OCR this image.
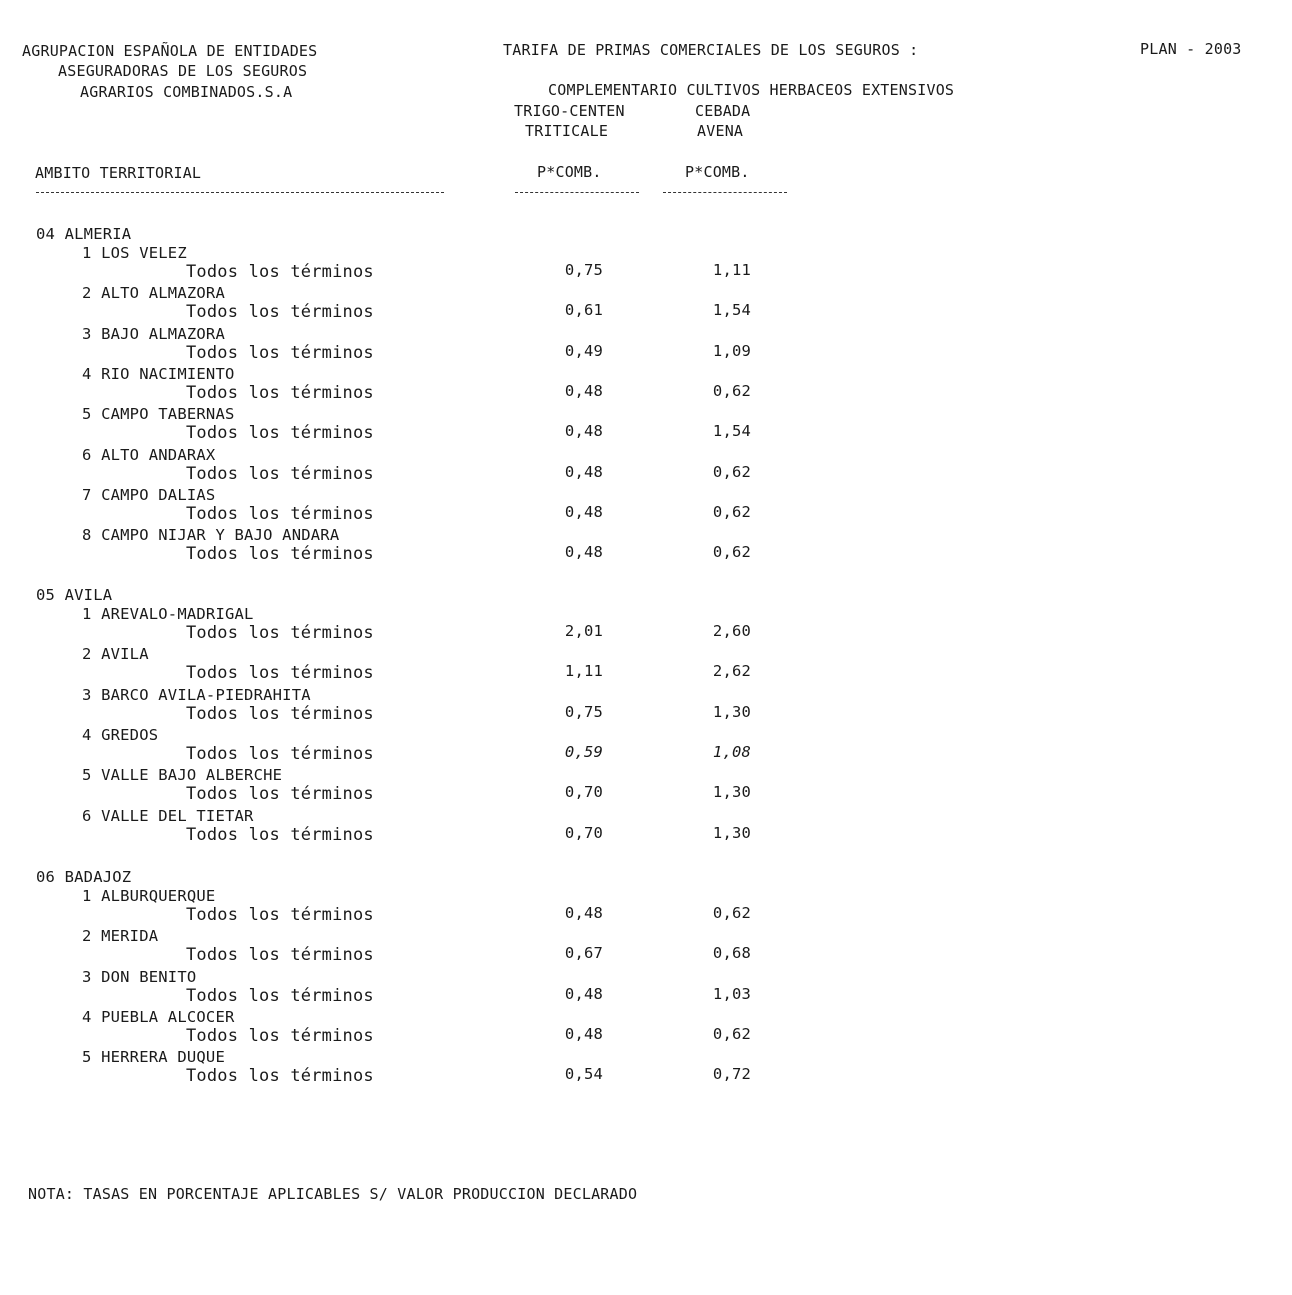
AGRUPACION ESPAÑOLA DE ENTIDADES
ASEGURADORAS DE LOS SEGUROS
AGRARIOS COMBINADOS.S.A
TARIFA DE PRIMAS COMERCIALES DE LOS SEGUROS :	PLAN - 2003
COMPLEMENTARIO CULTIVOS HERBACEOS EXTENSIVOS
TRIGO-CENTEN
TRITICALE
CEBADA
AVENA
AMBITO TERRITORIAL	P*COMB.	P*COMB.
04 ALMERIA
1 LOS VELEZ
Todos los términos	0,75	1,11
2 ALTO ALMAZORA
Todos los términos	0,61	1,54
3 BAJO ALMAZORA
Todos los términos	0,49	1,09
4 RIO NACIMIENTO
Todos los términos	0,48	0,62
5 CAMPO TABERNAS
Todos los términos	0,48	1,54
6 ALTO ANDARAX
Todos los términos	0,48	0,62
7 CAMPO DALIAS
Todos los términos	0,48	0,62
8 CAMPO NIJAR Y BAJO ANDARA
Todos los términos	0,48	0,62
05 AVILA
1 AREVALO-MADRIGAL
Todos los términos	2,01	2,60
2 AVILA
Todos los términos	1,11	2,62
3 BARCO AVILA-PIEDRAHITA
Todos los términos	0,75	1,30
4 GREDOS
Todos los términos	0,59	1,08
5 VALLE BAJO ALBERCHE
Todos los términos	0,70	1,30
6 VALLE DEL TIETAR
Todos los términos	0,70	1,30
06 BADAJOZ
1 ALBURQUERQUE
Todos los términos	0,48	0,62
2 MERIDA
Todos los términos	0,67	0,68
3 DON BENITO
Todos los términos	0,48	1,03
4 PUEBLA ALCOCER
Todos los términos	0,48	0,62
5 HERRERA DUQUE
Todos los términos	0,54	0,72
NOTA: TASAS EN PORCENTAJE APLICABLES S/ VALOR PRODUCCION DECLARADO
